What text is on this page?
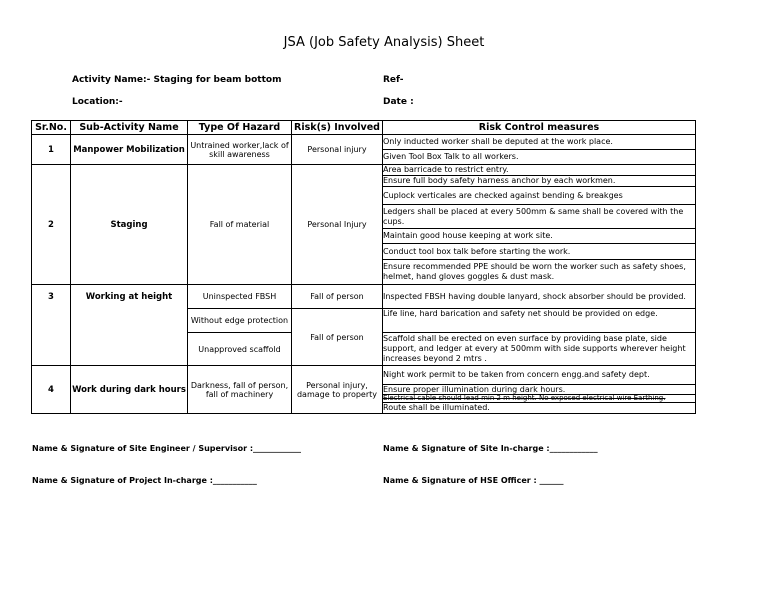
JSA (Job Safety Analysis) Sheet
Activity Name:- Staging for beam bottom	Ref-
Location:-	Date :
Sr.No.	Sub-Activity Name	Type Of Hazard	Risk(s) Involved	Risk Control measures
1	Manpower Mobilization	Untrained worker,lack of skill awareness	Personal injury	Only inducted worker shall be deputed at the work place.
				Given Tool Box Talk to all workers.
2	Staging	Fall of material	Personal Injury	Area barricade to restrict entry.
				Ensure full body safety harness anchor by each workmen.
				Cuplock verticales are checked against bending & breakges
				Ledgers shall be placed at every 500mm & same shall be covered with the cups.
				Maintain good house keeping at work site.
				Conduct tool box talk before starting the work.
				Ensure recommended PPE should be worn the worker such as safety shoes, helmet, hand gloves goggles & dust mask.
3	Working at height	Uninspected FBSH	Fall of person	Inspected FBSH having double lanyard, shock absorber should be provided.
		Without edge protection	Fall of person	Life line, hard barication and safety net should be provided on edge.
		Unapproved scaffold		Scaffold shall be erected on even surface by providing base plate, side support, and ledger at every at 500mm with side supports wherever height increases beyond 2 mtrs .
4	Work during dark hours	Darkness, fall of person, fall of machinery	Personal injury, damage to property	Night work permit to be taken from concern engg.and safety dept.
				Ensure proper illumination during dark hours.
				Electrical cable should lead min 2 m height. No exposed electrical wire Earthing.
				Route shall be illuminated.
Name & Signature of Site Engineer / Supervisor :____________	Name & Signature of Site In-charge :____________
Name & Signature of Project In-charge :___________	Name & Signature of HSE Officer : ______
